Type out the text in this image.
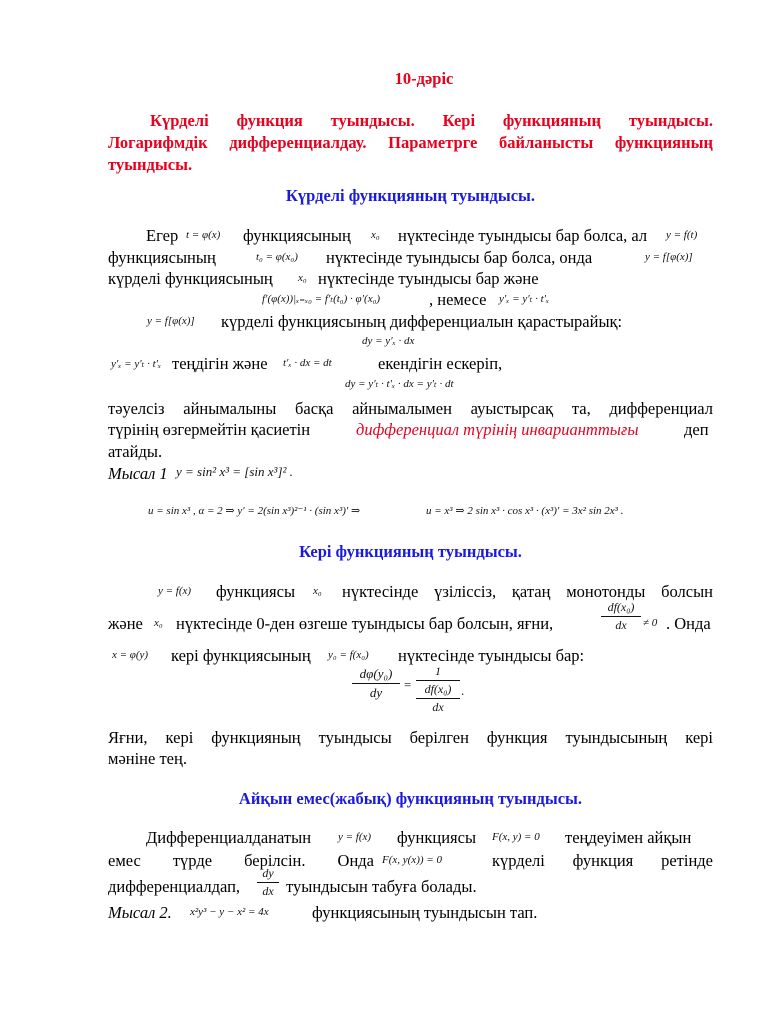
10-дәріс
Күрделі функция туындысы. Кері функцияның туындысы.
Логарифмдік дифференциалдау. Параметрге байланысты функцияның
туындысы.
Күрделі функцияның туындысы.
Егер t = φ(x) функциясының x₀ нүктесінде туындысы бар болса, ал y = f(t)
функциясының	t₀ = φ(x₀) нүктесінде туындысы бар болса, онда	y = f[φ(x)]
күрделі функциясының x₀ нүктесінде туындысы бар және
f′(φ(x))|ₓ₌ₓ₀ = f′ₜ(t₀) · φ′(x₀)	, немесе y′ₓ = y′ₜ · t′ₓ
y = f[φ(x)] күрделі функциясының дифференциалын қарастырайық:
dy = y′ₓ · dx
y′ₓ = y′ₜ · t′ₓ теңдігін және t′ₓ · dx = dt	екендігін ескеріп,
dy = y′ₜ · t′ₓ · dx = y′ₜ · dt
тәуелсіз айнымалыны басқа айнымалымен ауыстырсақ та, дифференциал
түрінің өзгермейтін қасиетін	дифференциал түрінің инварианттығы	деп
атайды.
Мысал 1 y = sin² x³ = [sin x³]² .
u = sin x³ , α = 2 ⇒ y′ = 2(sin x³)²⁻¹ · (sin x³)′ ⇒	u = x³ ⇒ 2 sin x³ · cos x³ · (x³)′ = 3x² sin 2x³ .
Кері функцияның туындысы.
y = f(x) функциясы x₀ нүктесінде үзіліссіз, қатаң монотонды болсын
және x₀ нүктесінде 0-ден өзгеше туындысы бар болсын, яғни,
df(x₀)
dx	≠ 0 . Онда
x = φ(y) кері функциясының y₀ = f(x₀) нүктесінде туындысы бар:
dφ(y₀)
dy
=
1
df(x₀)
dx
.
Яғни, кері функцияның туындысы берілген функция туындысының кері
мәніне тең.
Айқын емес(жабық) функцияның туындысы.
Дифференциалданатын y = f(x) функциясы F(x, y) = 0 теңдеуімен айқын
емес түрде берілсін. Онда F(x, y(x)) = 0	күрделі функция ретінде
дифференциалдап,
dy
dx туындысын табуға болады.
Мысал 2. x²y³ − y − x² = 4x	функциясының туындысын тап.
